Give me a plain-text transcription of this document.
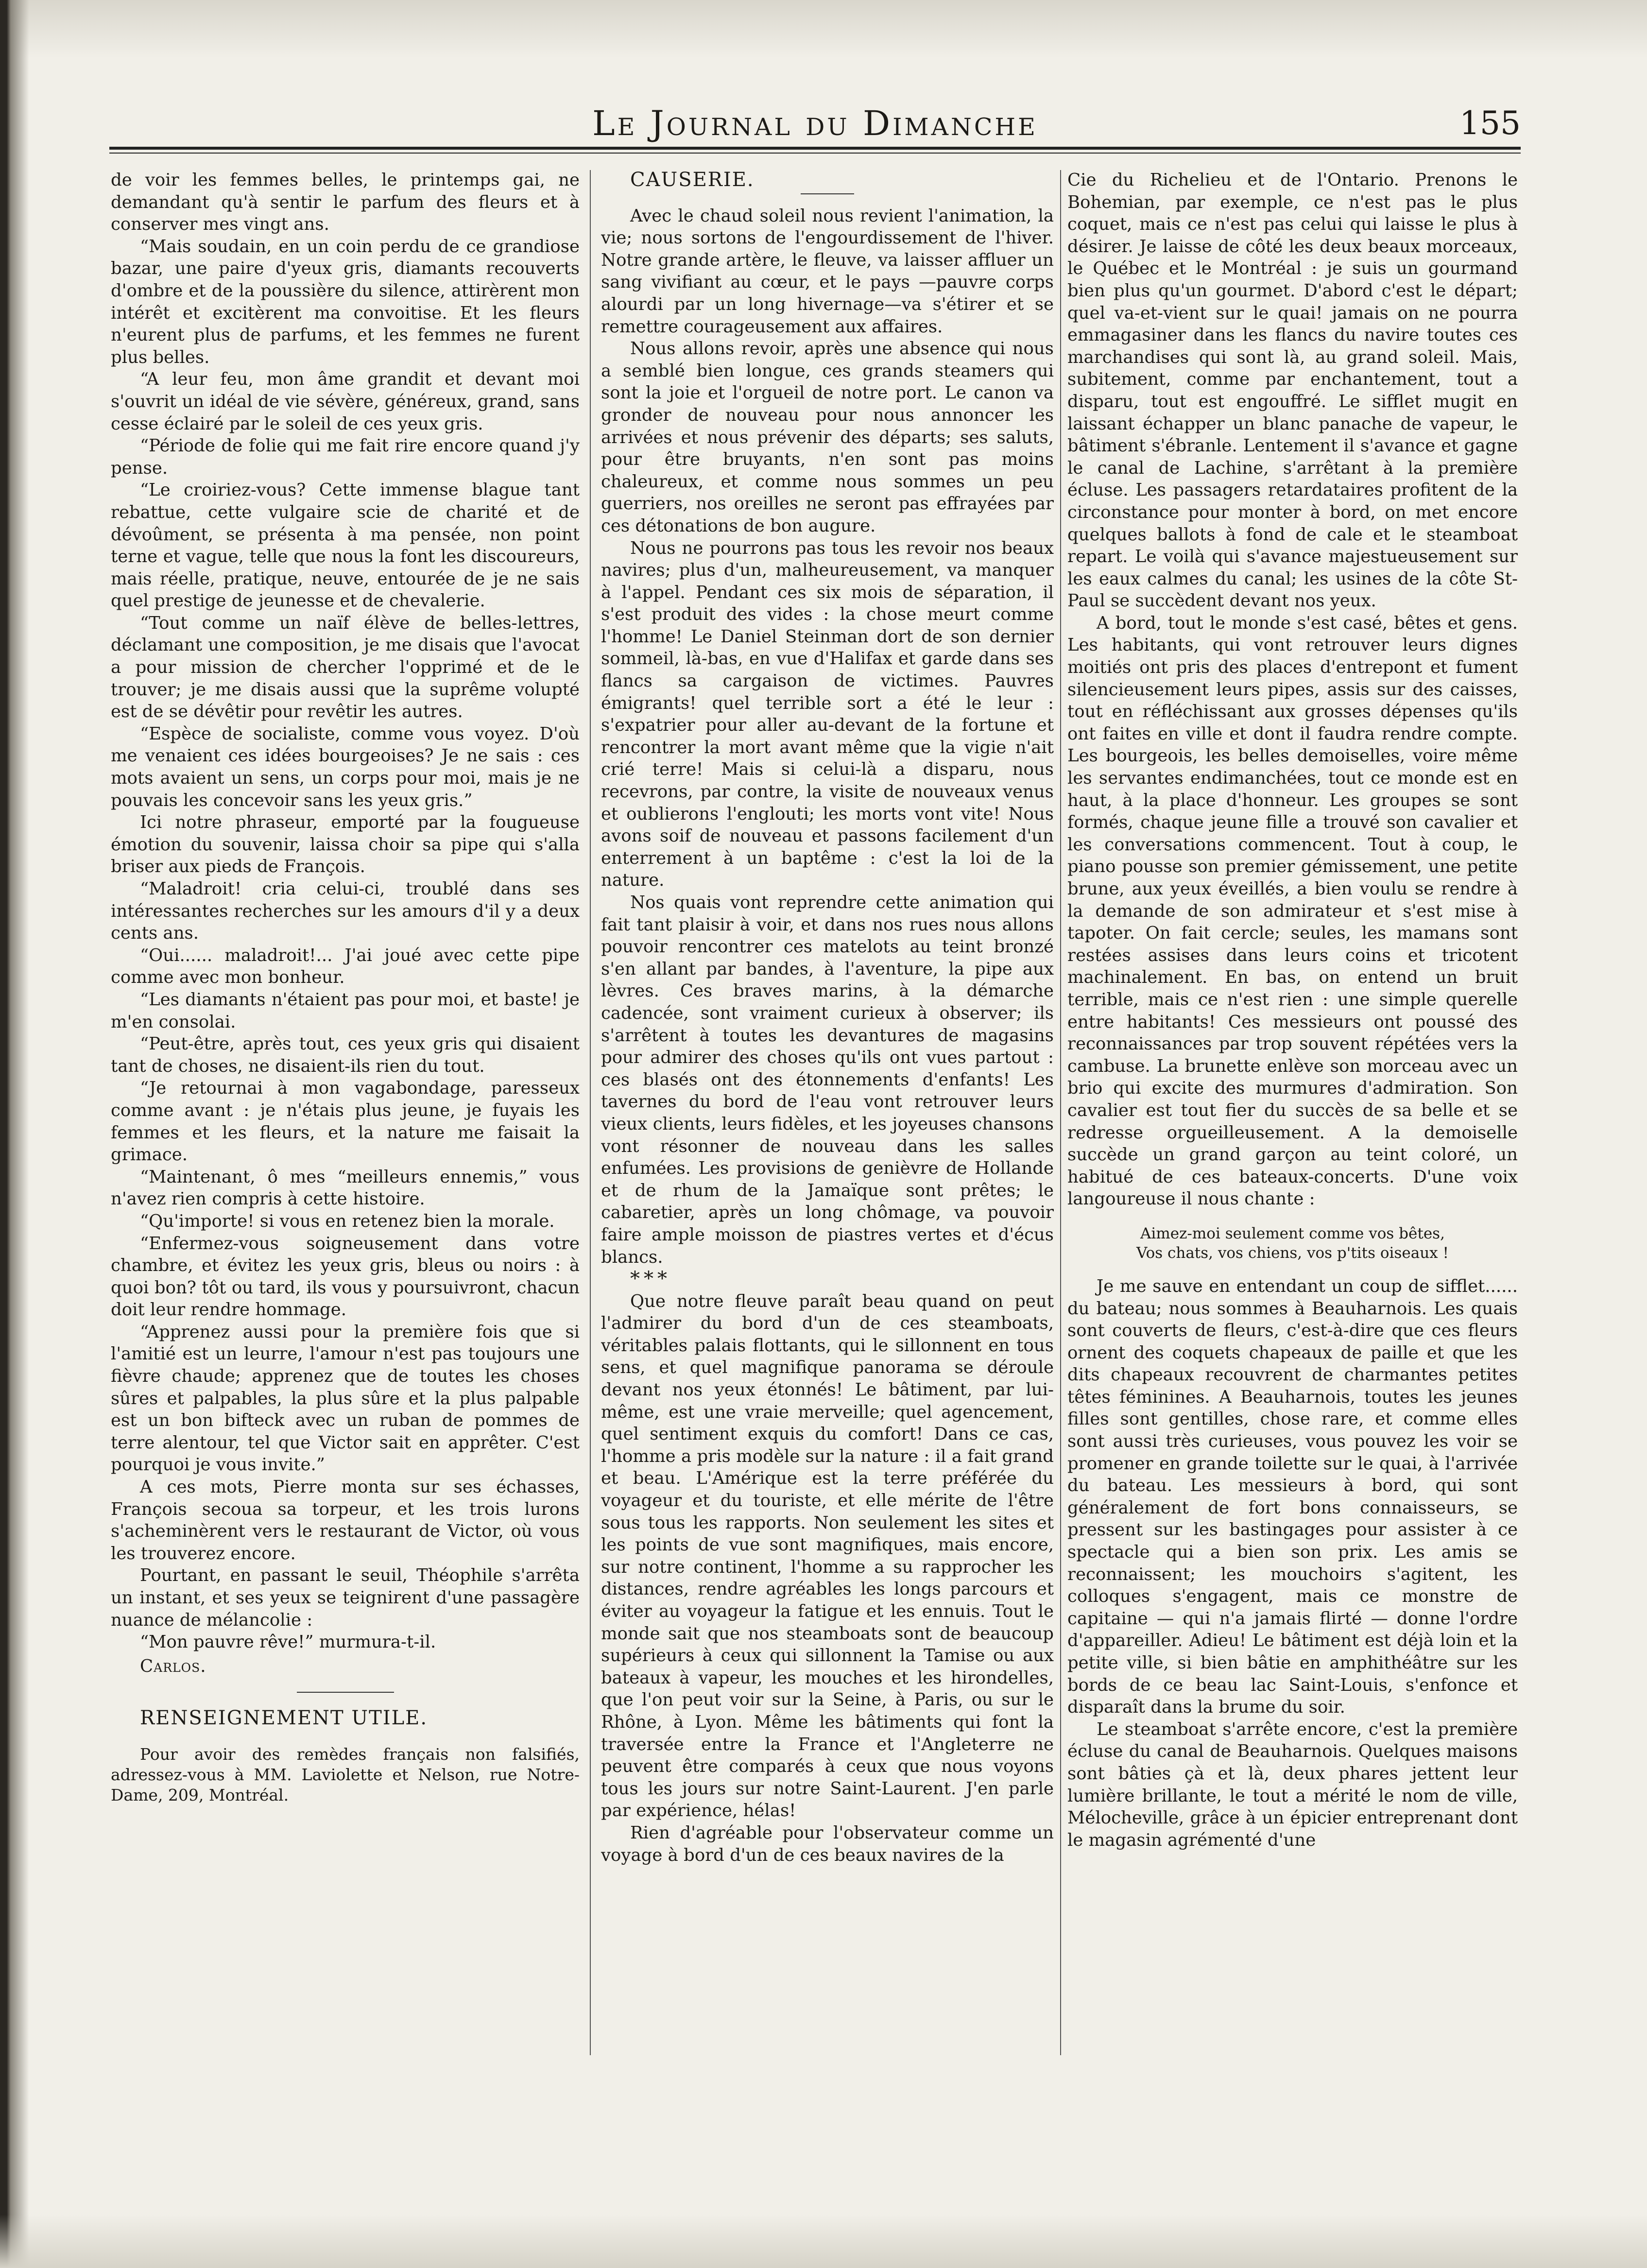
Le Journal du Dimanche	155

de voir les femmes belles, le printemps gai, ne demandant qu'à sentir le parfum des fleurs et à conserver mes vingt ans.

“Mais soudain, en un coin perdu de ce grandiose bazar, une paire d'yeux gris, diamants recouverts d'ombre et de la poussière du silence, attirèrent mon intérêt et excitèrent ma convoitise. Et les fleurs n'eurent plus de parfums, et les femmes ne furent plus belles.

“A leur feu, mon âme grandit et devant moi s'ouvrit un idéal de vie sévère, généreux, grand, sans cesse éclairé par le soleil de ces yeux gris.

“Période de folie qui me fait rire encore quand j'y pense.

“Le croiriez-vous? Cette immense blague tant rebattue, cette vulgaire scie de charité et de dévoûment, se présenta à ma pensée, non point terne et vague, telle que nous la font les discoureurs, mais réelle, pratique, neuve, entourée de je ne sais quel prestige de jeunesse et de chevalerie.

“Tout comme un naïf élève de belles-lettres, déclamant une composition, je me disais que l'avocat a pour mission de chercher l'opprimé et de le trouver; je me disais aussi que la suprême volupté est de se dévêtir pour revêtir les autres.

“Espèce de socialiste, comme vous voyez. D'où me venaient ces idées bourgeoises? Je ne sais : ces mots avaient un sens, un corps pour moi, mais je ne pouvais les concevoir sans les yeux gris.”

Ici notre phraseur, emporté par la fougueuse émotion du souvenir, laissa choir sa pipe qui s'alla briser aux pieds de François.

“Maladroit! cria celui-ci, troublé dans ses intéressantes recherches sur les amours d'il y a deux cents ans.

“Oui...... maladroit!... J'ai joué avec cette pipe comme avec mon bonheur.

“Les diamants n'étaient pas pour moi, et baste! je m'en consolai.

“Peut-être, après tout, ces yeux gris qui disaient tant de choses, ne disaient-ils rien du tout.

“Je retournai à mon vagabondage, paresseux comme avant : je n'étais plus jeune, je fuyais les femmes et les fleurs, et la nature me faisait la grimace.

“Maintenant, ô mes “meilleurs ennemis,” vous n'avez rien compris à cette histoire.

“Qu'importe! si vous en retenez bien la morale.

“Enfermez-vous soigneusement dans votre chambre, et évitez les yeux gris, bleus ou noirs : à quoi bon? tôt ou tard, ils vous y poursuivront, chacun doit leur rendre hommage.

“Apprenez aussi pour la première fois que si l'amitié est un leurre, l'amour n'est pas toujours une fièvre chaude; apprenez que de toutes les choses sûres et palpables, la plus sûre et la plus palpable est un bon bifteck avec un ruban de pommes de terre alentour, tel que Victor sait en apprêter. C'est pourquoi je vous invite.”

A ces mots, Pierre monta sur ses échasses, François secoua sa torpeur, et les trois lurons s'acheminèrent vers le restaurant de Victor, où vous les trouverez encore.

Pourtant, en passant le seuil, Théophile s'arrêta un instant, et ses yeux se teignirent d'une passagère nuance de mélancolie :

“Mon pauvre rêve!” murmura-t-il.

Carlos.

RENSEIGNEMENT UTILE.

Pour avoir des remèdes français non falsifiés, adressez-vous à MM. Laviolette et Nelson, rue Notre-Dame, 209, Montréal.

CAUSERIE.

Avec le chaud soleil nous revient l'animation, la vie; nous sortons de l'engourdissement de l'hiver. Notre grande artère, le fleuve, va laisser affluer un sang vivifiant au cœur, et le pays —pauvre corps alourdi par un long hivernage—va s'étirer et se remettre courageusement aux affaires.

Nous allons revoir, après une absence qui nous a semblé bien longue, ces grands steamers qui sont la joie et l'orgueil de notre port. Le canon va gronder de nouveau pour nous annoncer les arrivées et nous prévenir des départs; ses saluts, pour être bruyants, n'en sont pas moins chaleureux, et comme nous sommes un peu guerriers, nos oreilles ne seront pas effrayées par ces détonations de bon augure.

Nous ne pourrons pas tous les revoir nos beaux navires; plus d'un, malheureusement, va manquer à l'appel. Pendant ces six mois de séparation, il s'est produit des vides : la chose meurt comme l'homme! Le Daniel Steinman dort de son dernier sommeil, là-bas, en vue d'Halifax et garde dans ses flancs sa cargaison de victimes. Pauvres émigrants! quel terrible sort a été le leur : s'expatrier pour aller au-devant de la fortune et rencontrer la mort avant même que la vigie n'ait crié terre! Mais si celui-là a disparu, nous recevrons, par contre, la visite de nouveaux venus et oublierons l'englouti; les morts vont vite! Nous avons soif de nouveau et passons facilement d'un enterrement à un baptême : c'est la loi de la nature.

Nos quais vont reprendre cette animation qui fait tant plaisir à voir, et dans nos rues nous allons pouvoir rencontrer ces matelots au teint bronzé s'en allant par bandes, à l'aventure, la pipe aux lèvres. Ces braves marins, à la démarche cadencée, sont vraiment curieux à observer; ils s'arrêtent à toutes les devantures de magasins pour admirer des choses qu'ils ont vues partout : ces blasés ont des étonnements d'enfants! Les tavernes du bord de l'eau vont retrouver leurs vieux clients, leurs fidèles, et les joyeuses chansons vont résonner de nouveau dans les salles enfumées. Les provisions de genièvre de Hollande et de rhum de la Jamaïque sont prêtes; le cabaretier, après un long chômage, va pouvoir faire ample moisson de piastres vertes et d'écus blancs.

* * *

Que notre fleuve paraît beau quand on peut l'admirer du bord d'un de ces steamboats, véritables palais flottants, qui le sillonnent en tous sens, et quel magnifique panorama se déroule devant nos yeux étonnés! Le bâtiment, par lui-même, est une vraie merveille; quel agencement, quel sentiment exquis du comfort! Dans ce cas, l'homme a pris modèle sur la nature : il a fait grand et beau. L'Amérique est la terre préférée du voyageur et du touriste, et elle mérite de l'être sous tous les rapports. Non seulement les sites et les points de vue sont magnifiques, mais encore, sur notre continent, l'homme a su rapprocher les distances, rendre agréables les longs parcours et éviter au voyageur la fatigue et les ennuis. Tout le monde sait que nos steamboats sont de beaucoup supérieurs à ceux qui sillonnent la Tamise ou aux bateaux à vapeur, les mouches et les hirondelles, que l'on peut voir sur la Seine, à Paris, ou sur le Rhône, à Lyon. Même les bâtiments qui font la traversée entre la France et l'Angleterre ne peuvent être comparés à ceux que nous voyons tous les jours sur notre Saint-Laurent. J'en parle par expérience, hélas!

Rien d'agréable pour l'observateur comme un voyage à bord d'un de ces beaux navires de la

Cie du Richelieu et de l'Ontario. Prenons le Bohemian, par exemple, ce n'est pas le plus coquet, mais ce n'est pas celui qui laisse le plus à désirer. Je laisse de côté les deux beaux morceaux, le Québec et le Montréal : je suis un gourmand bien plus qu'un gourmet. D'abord c'est le départ; quel va-et-vient sur le quai! jamais on ne pourra emmagasiner dans les flancs du navire toutes ces marchandises qui sont là, au grand soleil. Mais, subitement, comme par enchantement, tout a disparu, tout est engouffré. Le sifflet mugit en laissant échapper un blanc panache de vapeur, le bâtiment s'ébranle. Lentement il s'avance et gagne le canal de Lachine, s'arrêtant à la première écluse. Les passagers retardataires profitent de la circonstance pour monter à bord, on met encore quelques ballots à fond de cale et le steamboat repart. Le voilà qui s'avance majestueusement sur les eaux calmes du canal; les usines de la côte St-Paul se succèdent devant nos yeux.

A bord, tout le monde s'est casé, bêtes et gens. Les habitants, qui vont retrouver leurs dignes moitiés ont pris des places d'entrepont et fument silencieusement leurs pipes, assis sur des caisses, tout en réfléchissant aux grosses dépenses qu'ils ont faites en ville et dont il faudra rendre compte. Les bourgeois, les belles demoiselles, voire même les servantes endimanchées, tout ce monde est en haut, à la place d'honneur. Les groupes se sont formés, chaque jeune fille a trouvé son cavalier et les conversations commencent. Tout à coup, le piano pousse son premier gémissement, une petite brune, aux yeux éveillés, a bien voulu se rendre à la demande de son admirateur et s'est mise à tapoter. On fait cercle; seules, les mamans sont restées assises dans leurs coins et tricotent machinalement. En bas, on entend un bruit terrible, mais ce n'est rien : une simple querelle entre habitants! Ces messieurs ont poussé des reconnaissances par trop souvent répétées vers la cambuse. La brunette enlève son morceau avec un brio qui excite des murmures d'admiration. Son cavalier est tout fier du succès de sa belle et se redresse orgueilleusement. A la demoiselle succède un grand garçon au teint coloré, un habitué de ces bateaux-concerts. D'une voix langoureuse il nous chante :

Aimez-moi seulement comme vos bêtes,
Vos chats, vos chiens, vos p'tits oiseaux !

Je me sauve en entendant un coup de sifflet...... du bateau; nous sommes à Beauharnois. Les quais sont couverts de fleurs, c'est-à-dire que ces fleurs ornent des coquets chapeaux de paille et que les dits chapeaux recouvrent de charmantes petites têtes féminines. A Beauharnois, toutes les jeunes filles sont gentilles, chose rare, et comme elles sont aussi très curieuses, vous pouvez les voir se promener en grande toilette sur le quai, à l'arrivée du bateau. Les messieurs à bord, qui sont généralement de fort bons connaisseurs, se pressent sur les bastingages pour assister à ce spectacle qui a bien son prix. Les amis se reconnaissent; les mouchoirs s'agitent, les colloques s'engagent, mais ce monstre de capitaine — qui n'a jamais flirté — donne l'ordre d'appareiller. Adieu! Le bâtiment est déjà loin et la petite ville, si bien bâtie en amphithéâtre sur les bords de ce beau lac Saint-Louis, s'enfonce et disparaît dans la brume du soir.

Le steamboat s'arrête encore, c'est la première écluse du canal de Beauharnois. Quelques maisons sont bâties çà et là, deux phares jettent leur lumière brillante, le tout a mérité le nom de ville, Mélocheville, grâce à un épicier entreprenant dont le magasin agrémenté d'une
